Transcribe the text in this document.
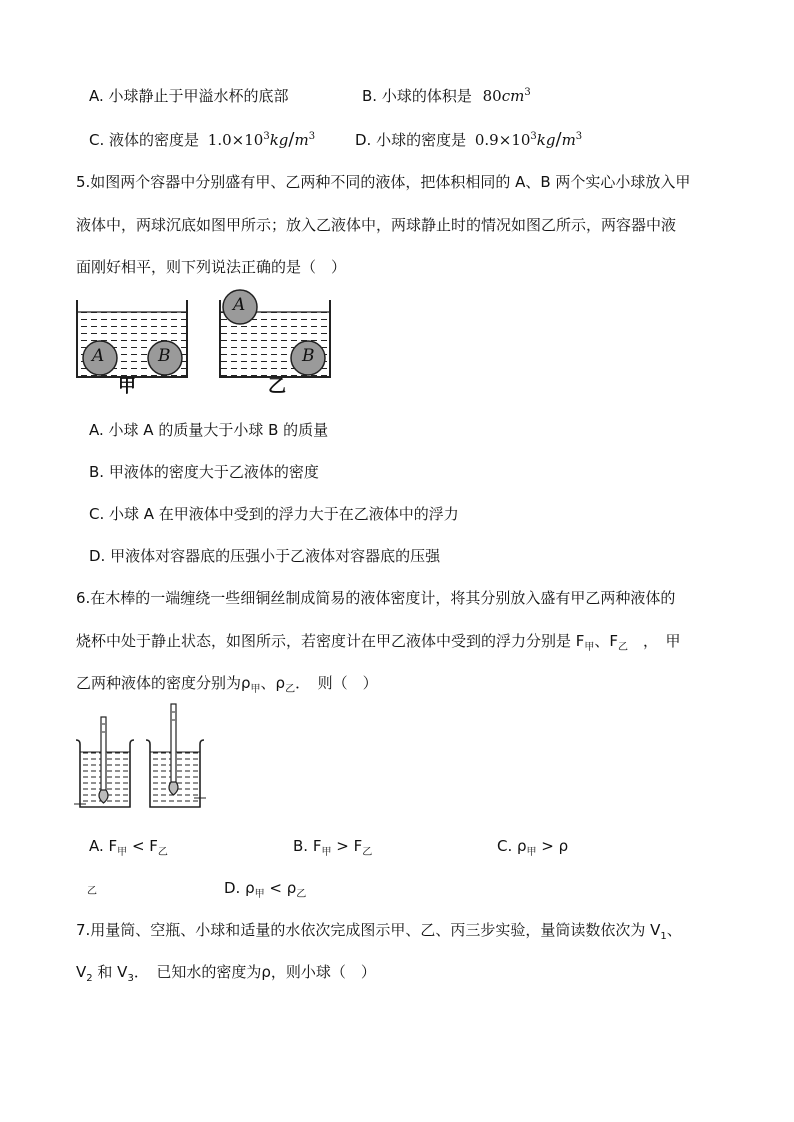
A. 小球静止于甲溢水杯的底部	B. 小球的体积是 $80cm^3$
C. 液体的密度是 $1.0\times 10^3kg/m^3$	D. 小球的密度是 $0.9\times 10^3kg/m^3$
5.如图两个容器中分别盛有甲、乙两种不同的液体，把体积相同的 A、B 两个实心小球放入甲
液体中，两球沉底如图甲所示；放入乙液体中，两球静止时的情况如图乙所示，两容器中液
面刚好相平，则下列说法正确的是（　）
A	B
A
B
甲	乙
A. 小球 A 的质量大于小球 B 的质量
B. 甲液体的密度大于乙液体的密度
C. 小球 A 在甲液体中受到的浮力大于在乙液体中的浮力
D. 甲液体对容器底的压强小于乙液体对容器底的压强
6.在木棒的一端缠绕一些细铜丝制成简易的液体密度计，将其分别放入盛有甲乙两种液体的
烧杯中处于静止状态，如图所示，若密度计在甲乙液体中受到的浮力分别是 $F_甲$、$F_乙$　，　甲
乙两种液体的密度分别为$\rho_甲$、$\rho_乙$．　则（　）
A. $F_甲 < F_乙$	B. $F_甲 > F_乙$	C. $\rho_甲 > \rho$
乙	D. $\rho_甲 < \rho_乙$
7.用量筒、空瓶、小球和适量的水依次完成图示甲、乙、丙三步实验，量筒读数依次为 $V_1$、
$V_2$ 和 $V_3$．　已知水的密度为ρ，则小球（　）
